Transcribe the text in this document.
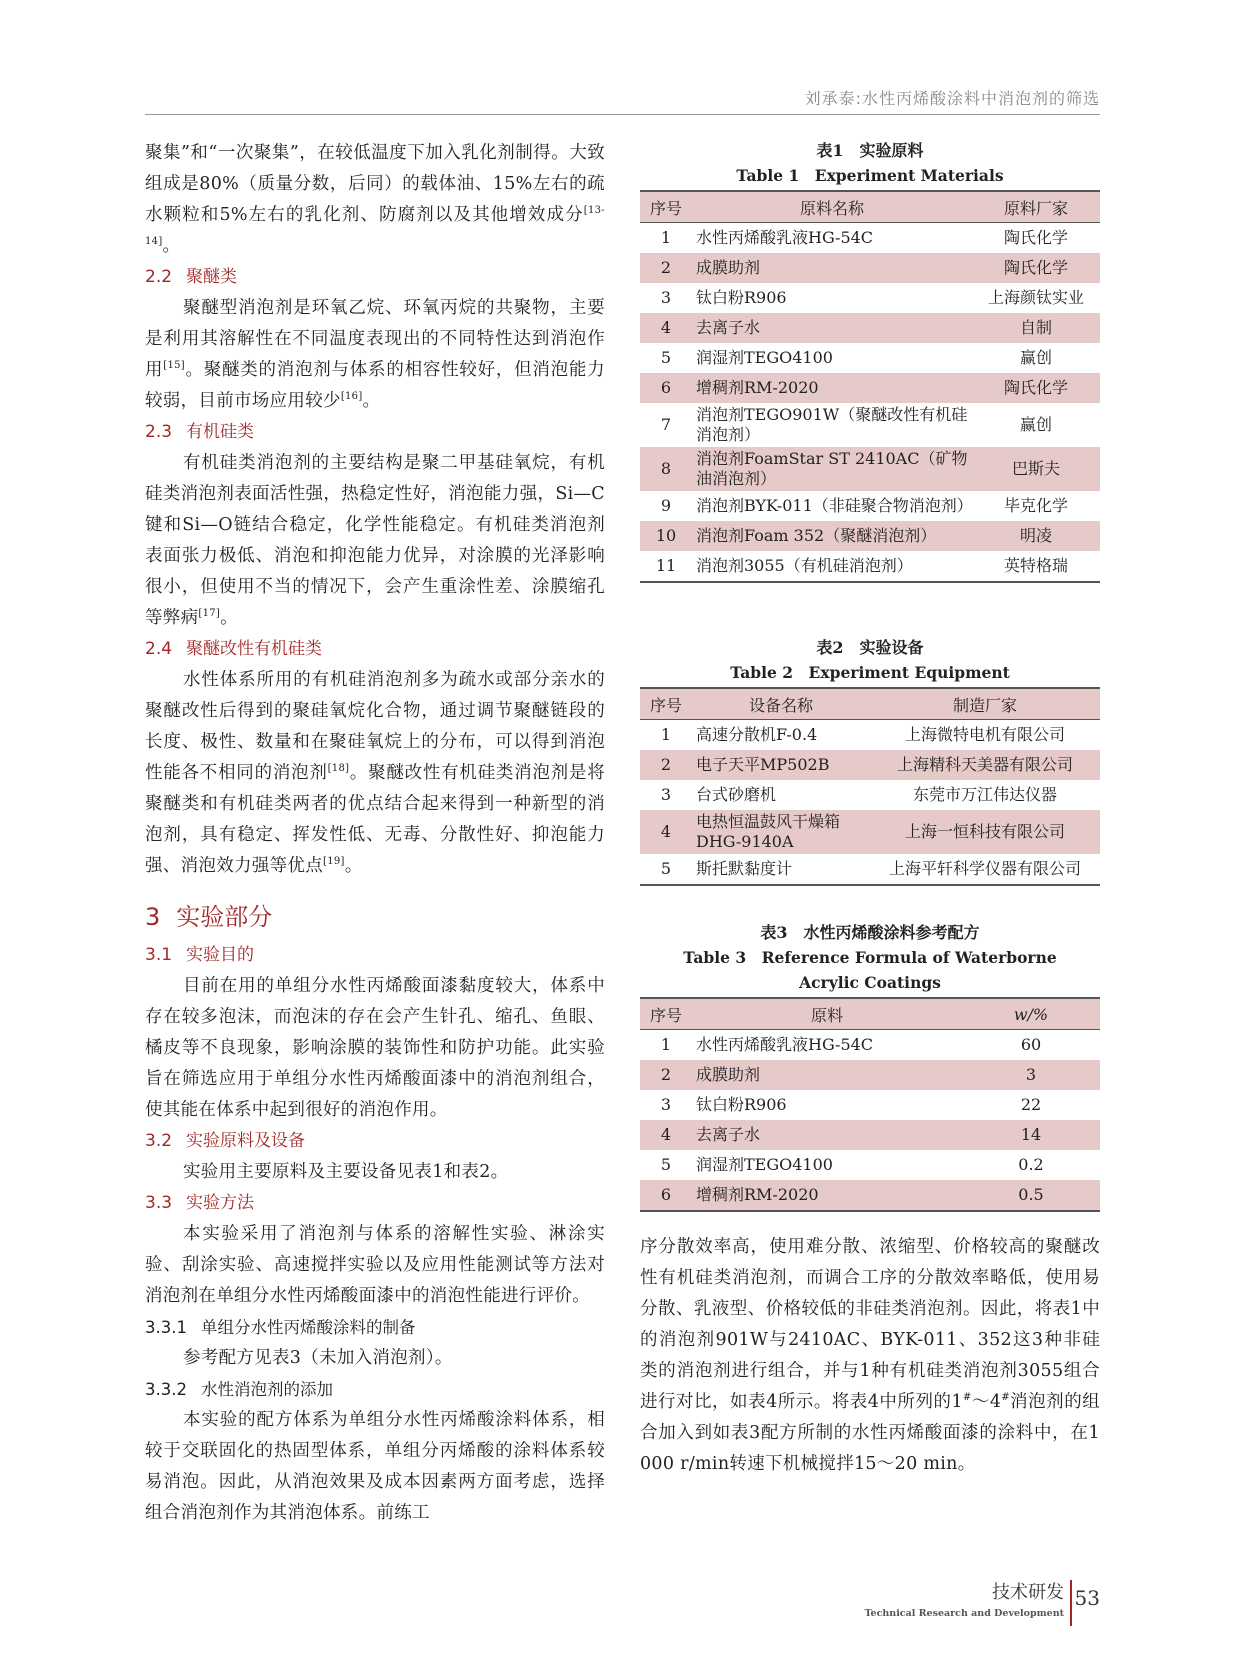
刘承泰:水性丙烯酸涂料中消泡剂的筛选

聚集”和“一次聚集”，在较低温度下加入乳化剂制得。大致组成是80%（质量分数，后同）的载体油、15%左右的疏水颗粒和5%左右的乳化剂、防腐剂以及其他增效成分[13-14]。

2.2 聚醚类

聚醚型消泡剂是环氧乙烷、环氧丙烷的共聚物，主要是利用其溶解性在不同温度表现出的不同特性达到消泡作用[15]。聚醚类的消泡剂与体系的相容性较好，但消泡能力较弱，目前市场应用较少[16]。

2.3 有机硅类

有机硅类消泡剂的主要结构是聚二甲基硅氧烷，有机硅类消泡剂表面活性强，热稳定性好，消泡能力强，Si—C键和Si—O链结合稳定，化学性能稳定。有机硅类消泡剂表面张力极低、消泡和抑泡能力优异，对涂膜的光泽影响很小，但使用不当的情况下，会产生重涂性差、涂膜缩孔等弊病[17]。

2.4 聚醚改性有机硅类

水性体系所用的有机硅消泡剂多为疏水或部分亲水的聚醚改性后得到的聚硅氧烷化合物，通过调节聚醚链段的长度、极性、数量和在聚硅氧烷上的分布，可以得到消泡性能各不相同的消泡剂[18]。聚醚改性有机硅类消泡剂是将聚醚类和有机硅类两者的优点结合起来得到一种新型的消泡剂，具有稳定、挥发性低、无毒、分散性好、抑泡能力强、消泡效力强等优点[19]。

3 实验部分

3.1 实验目的

目前在用的单组分水性丙烯酸面漆黏度较大，体系中存在较多泡沫，而泡沫的存在会产生针孔、缩孔、鱼眼、橘皮等不良现象，影响涂膜的装饰性和防护功能。此实验旨在筛选应用于单组分水性丙烯酸面漆中的消泡剂组合，使其能在体系中起到很好的消泡作用。

3.2 实验原料及设备

实验用主要原料及主要设备见表1和表2。

3.3 实验方法

本实验采用了消泡剂与体系的溶解性实验、淋涂实验、刮涂实验、高速搅拌实验以及应用性能测试等方法对消泡剂在单组分水性丙烯酸面漆中的消泡性能进行评价。

3.3.1 单组分水性丙烯酸涂料的制备

参考配方见表3（未加入消泡剂）。

3.3.2 水性消泡剂的添加

本实验的配方体系为单组分水性丙烯酸涂料体系，相较于交联固化的热固型体系，单组分丙烯酸的涂料体系较易消泡。因此，从消泡效果及成本因素两方面考虑，选择组合消泡剂作为其消泡体系。前练工

表1　实验原料

Table 1　Experiment Materials

序号	原料名称	原料厂家
1	水性丙烯酸乳液HG-54C	陶氏化学
2	成膜助剂	陶氏化学
3	钛白粉R906	上海颜钛实业
4	去离子水	自制
5	润湿剂TEGO4100	赢创
6	增稠剂RM-2020	陶氏化学
7	消泡剂TEGO901W（聚醚改性有机硅消泡剂）	赢创
8	消泡剂FoamStar ST 2410AC（矿物油消泡剂）	巴斯夫
9	消泡剂BYK-011（非硅聚合物消泡剂）	毕克化学
10	消泡剂Foam 352（聚醚消泡剂）	明凌
11	消泡剂3055（有机硅消泡剂）	英特格瑞

表2　实验设备

Table 2　Experiment Equipment

序号	设备名称	制造厂家
1	高速分散机F-0.4	上海微特电机有限公司
2	电子天平MP502B	上海精科天美器有限公司
3	台式砂磨机	东莞市万江伟达仪器
4	电热恒温鼓风干燥箱DHG-9140A	上海一恒科技有限公司
5	斯托默黏度计	上海平轩科学仪器有限公司

表3　水性丙烯酸涂料参考配方

Table 3　Reference Formula of Waterborne Acrylic Coatings

序号	原料	w/%
1	水性丙烯酸乳液HG-54C	60
2	成膜助剂	3
3	钛白粉R906	22
4	去离子水	14
5	润湿剂TEGO4100	0.2
6	增稠剂RM-2020	0.5

序分散效率高，使用难分散、浓缩型、价格较高的聚醚改性有机硅类消泡剂，而调合工序的分散效率略低，使用易分散、乳液型、价格较低的非硅类消泡剂。因此，将表1中的消泡剂901W与2410AC、BYK-011、352这3种非硅类的消泡剂进行组合，并与1种有机硅类消泡剂3055组合进行对比，如表4所示。将表4中所列的1#～4#消泡剂的组合加入到如表3配方所制的水性丙烯酸面漆的涂料中，在1 000 r/min转速下机械搅拌15～20 min。

技术研发
Technical Research and Development
53
